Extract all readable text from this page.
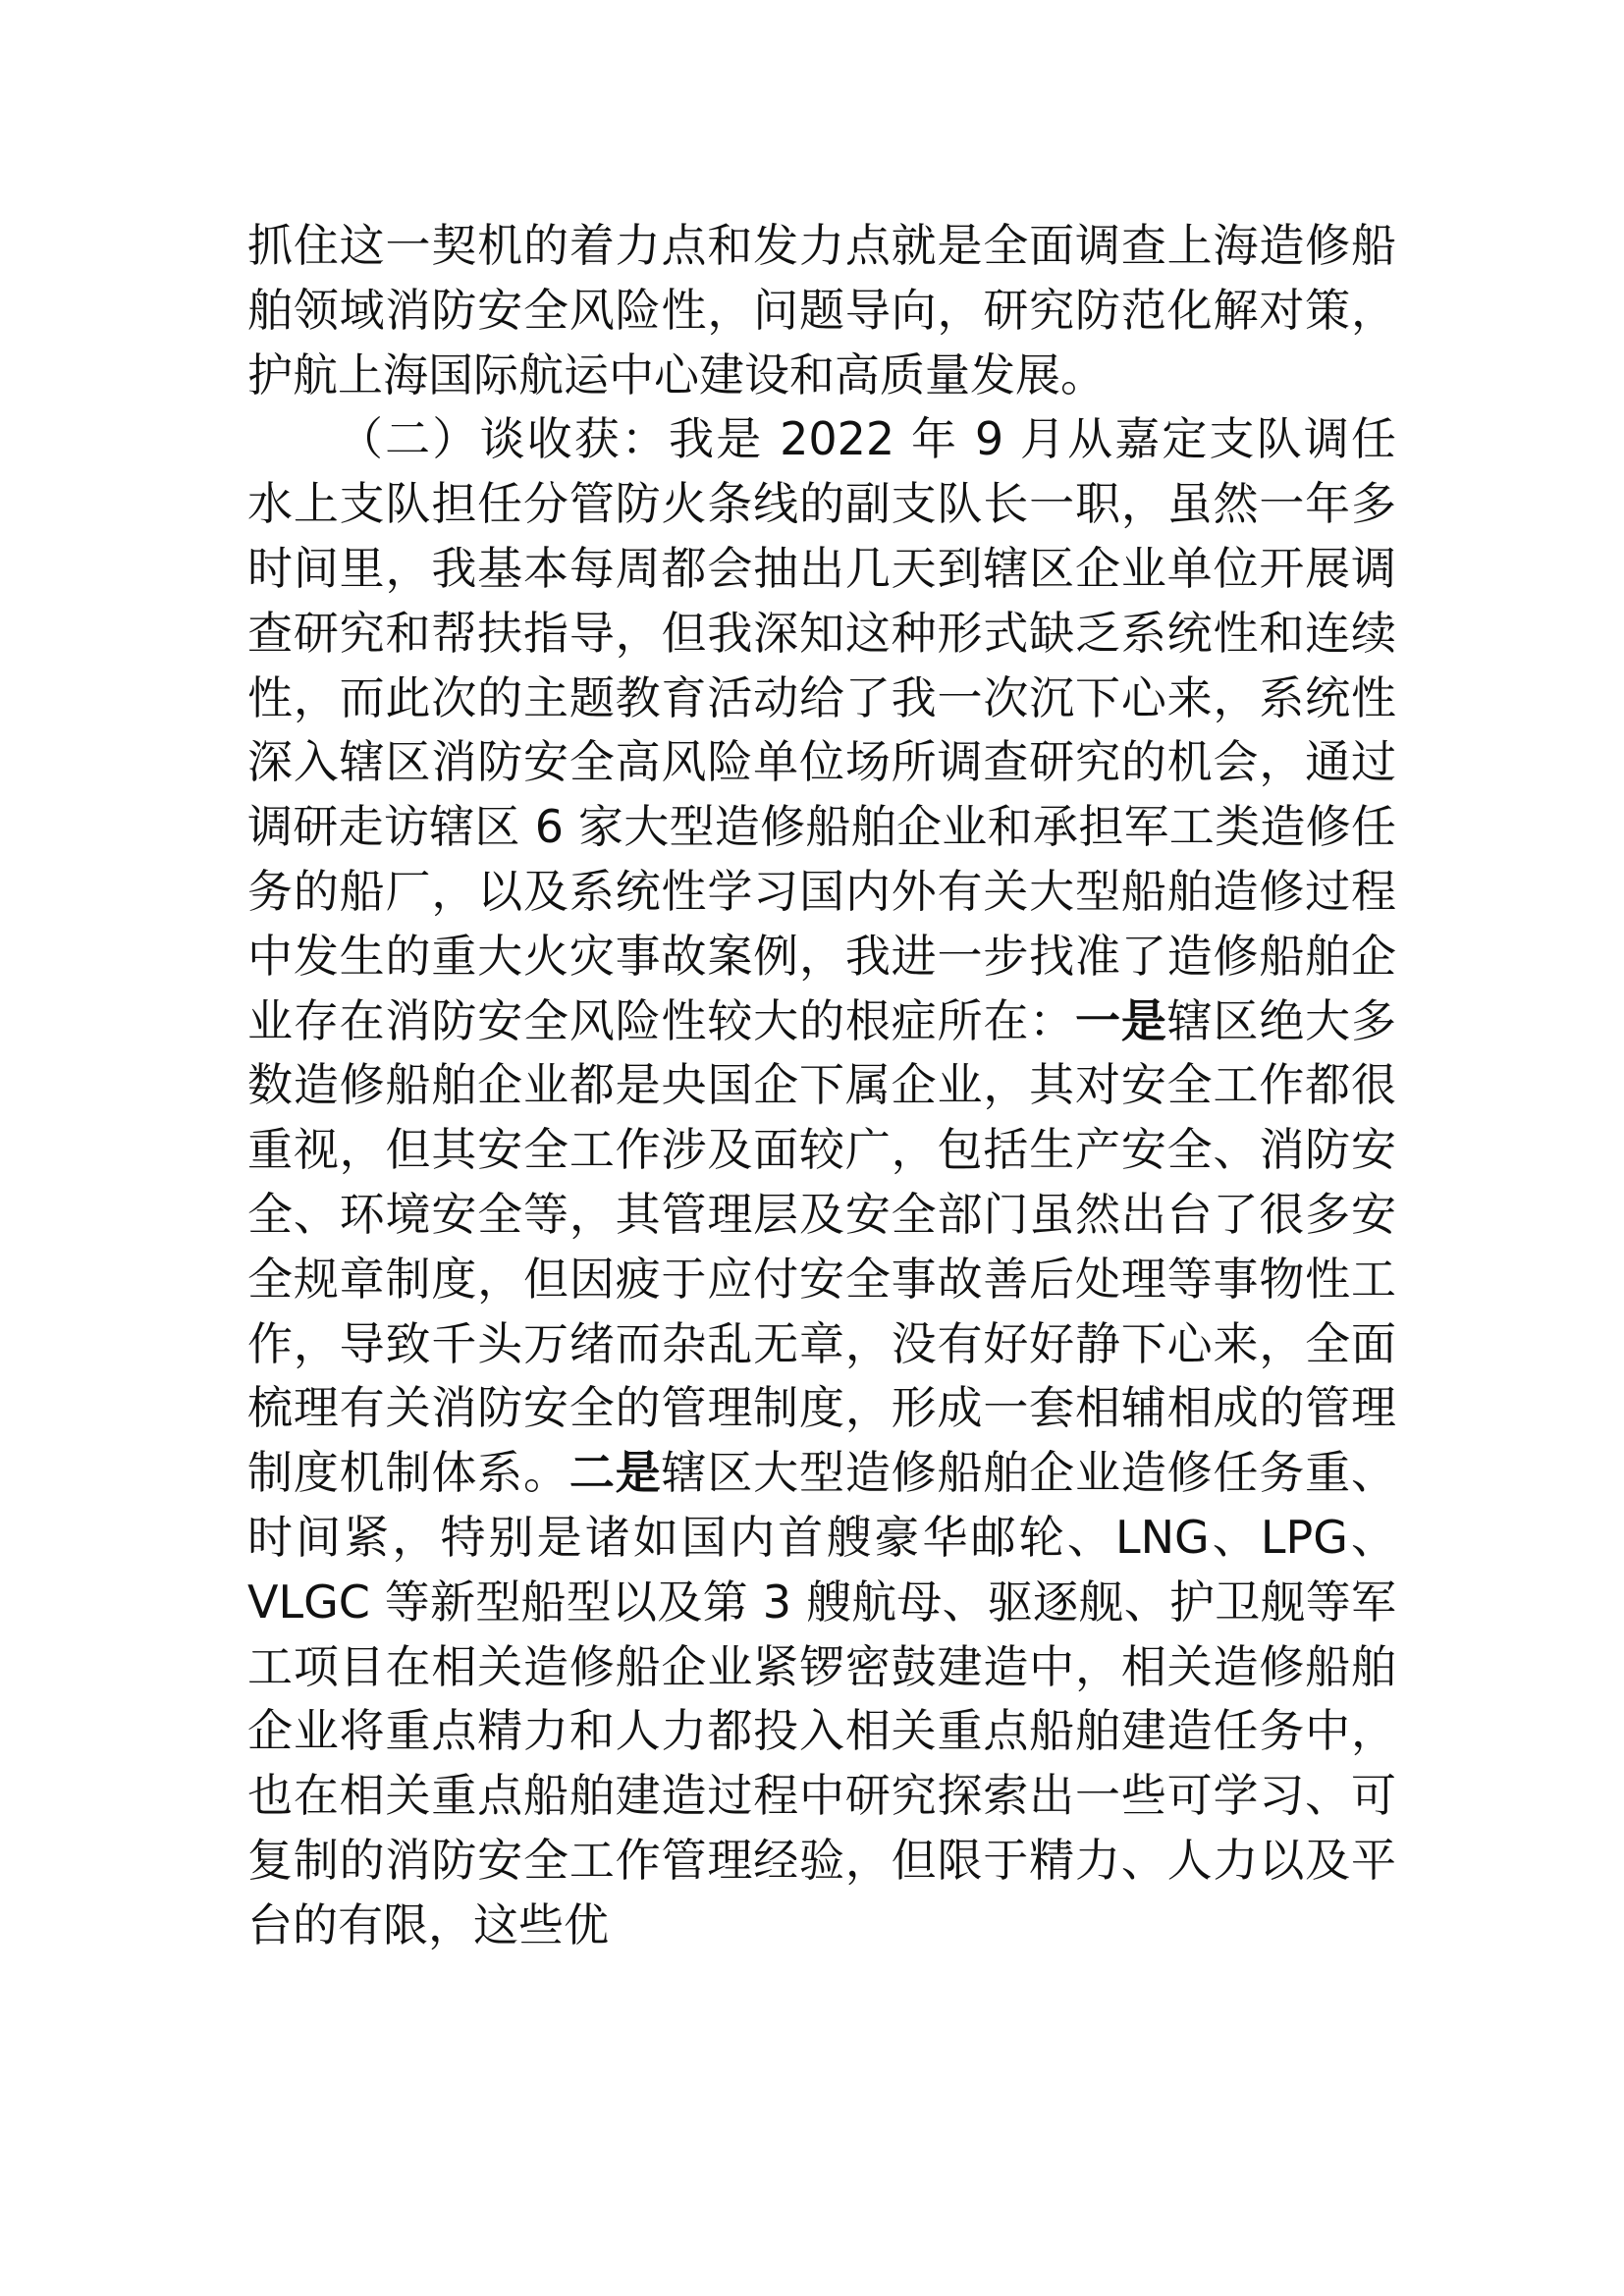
抓住这一契机的着力点和发力点就是全面调查上海造修船舶领域消防安全风险性，问题导向，研究防范化解对策，护航上海国际航运中心建设和高质量发展。

（二）谈收获：我是 2022 年 9 月从嘉定支队调任水上支队担任分管防火条线的副支队长一职，虽然一年多时间里，我基本每周都会抽出几天到辖区企业单位开展调查研究和帮扶指导，但我深知这种形式缺乏系统性和连续性，而此次的主题教育活动给了我一次沉下心来，系统性深入辖区消防安全高风险单位场所调查研究的机会，通过调研走访辖区 6 家大型造修船舶企业和承担军工类造修任务的船厂，以及系统性学习国内外有关大型船舶造修过程中发生的重大火灾事故案例，我进一步找准了造修船舶企业存在消防安全风险性较大的根症所在：一是辖区绝大多数造修船舶企业都是央国企下属企业，其对安全工作都很重视，但其安全工作涉及面较广，包括生产安全、消防安全、环境安全等，其管理层及安全部门虽然出台了很多安全规章制度，但因疲于应付安全事故善后处理等事物性工作，导致千头万绪而杂乱无章，没有好好静下心来，全面梳理有关消防安全的管理制度，形成一套相辅相成的管理制度机制体系。二是辖区大型造修船舶企业造修任务重、时间紧，特别是诸如国内首艘豪华邮轮、LNG、LPG、VLGC 等新型船型以及第 3 艘航母、驱逐舰、护卫舰等军工项目在相关造修船企业紧锣密鼓建造中，相关造修船舶企业将重点精力和人力都投入相关重点船舶建造任务中，也在相关重点船舶建造过程中研究探索出一些可学习、可复制的消防安全工作管理经验，但限于精力、人力以及平台的有限，这些优
